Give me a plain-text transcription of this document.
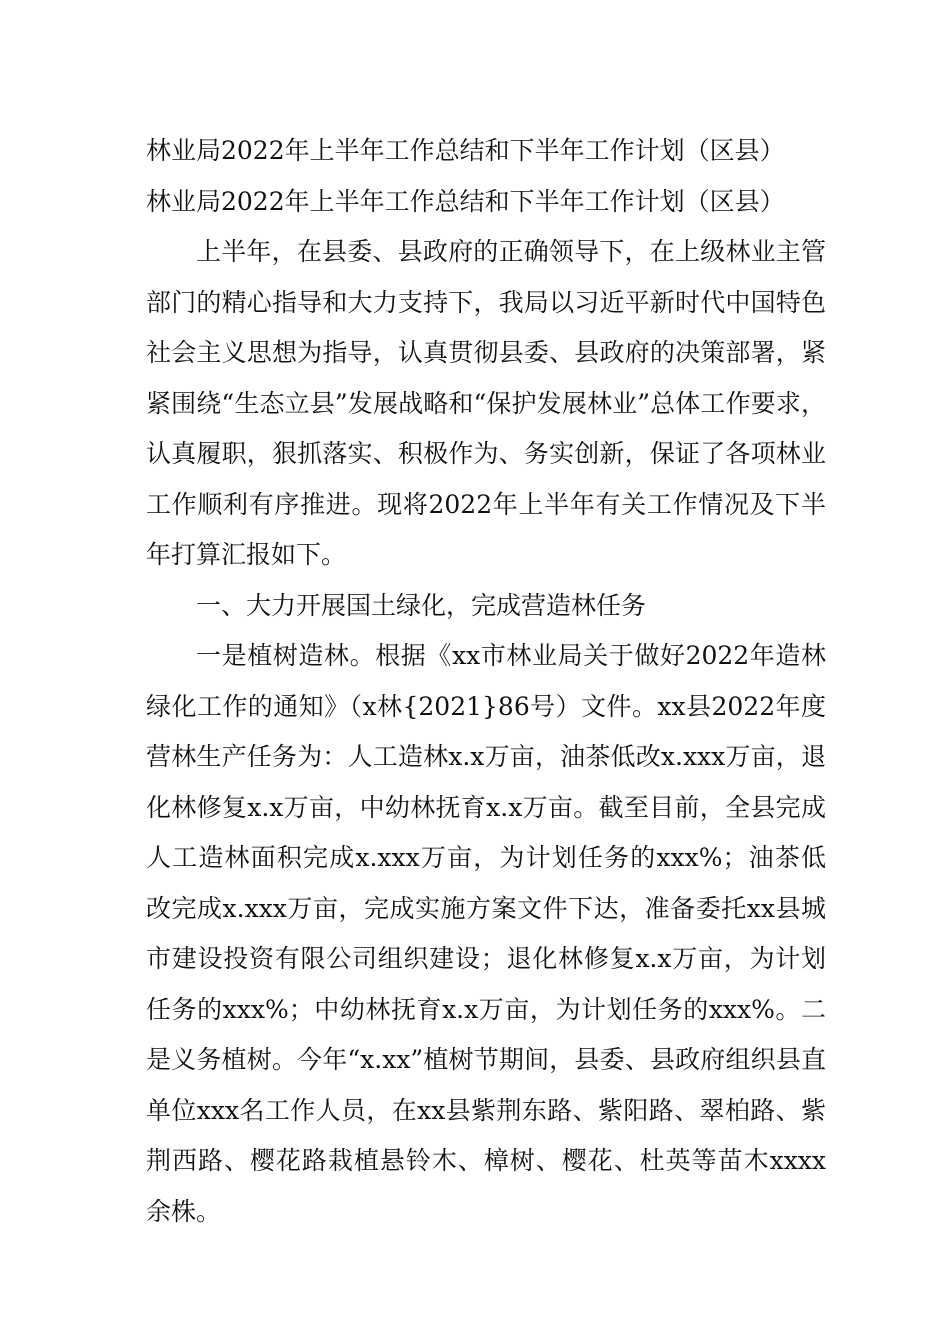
林业局2022年上半年工作总结和下半年工作计划（区县）
林业局2022年上半年工作总结和下半年工作计划（区县）

上半年，在县委、县政府的正确领导下，在上级林业主管部门的精心指导和大力支持下，我局以习近平新时代中国特色社会主义思想为指导，认真贯彻县委、县政府的决策部署，紧紧围绕“生态立县”发展战略和“保护发展林业”总体工作要求，认真履职，狠抓落实、积极作为、务实创新，保证了各项林业工作顺利有序推进。现将2022年上半年有关工作情况及下半年打算汇报如下。

一、大力开展国土绿化，完成营造林任务

一是植树造林。根据《xx市林业局关于做好2022年造林绿化工作的通知》（x林{2021}86号）文件。xx县2022年度营林生产任务为：人工造林x.x万亩，油茶低改x.xxx万亩，退化林修复x.x万亩，中幼林抚育x.x万亩。截至目前，全县完成人工造林面积完成x.xxx万亩，为计划任务的xxx%；油茶低改完成x.xxx万亩，完成实施方案文件下达，准备委托xx县城市建设投资有限公司组织建设；退化林修复x.x万亩，为计划任务的xxx%；中幼林抚育x.x万亩，为计划任务的xxx%。二是义务植树。今年“x.xx”植树节期间，县委、县政府组织县直单位xxx名工作人员，在xx县紫荆东路、紫阳路、翠柏路、紫荆西路、樱花路栽植悬铃木、樟树、樱花、杜英等苗木xxxx余株。
